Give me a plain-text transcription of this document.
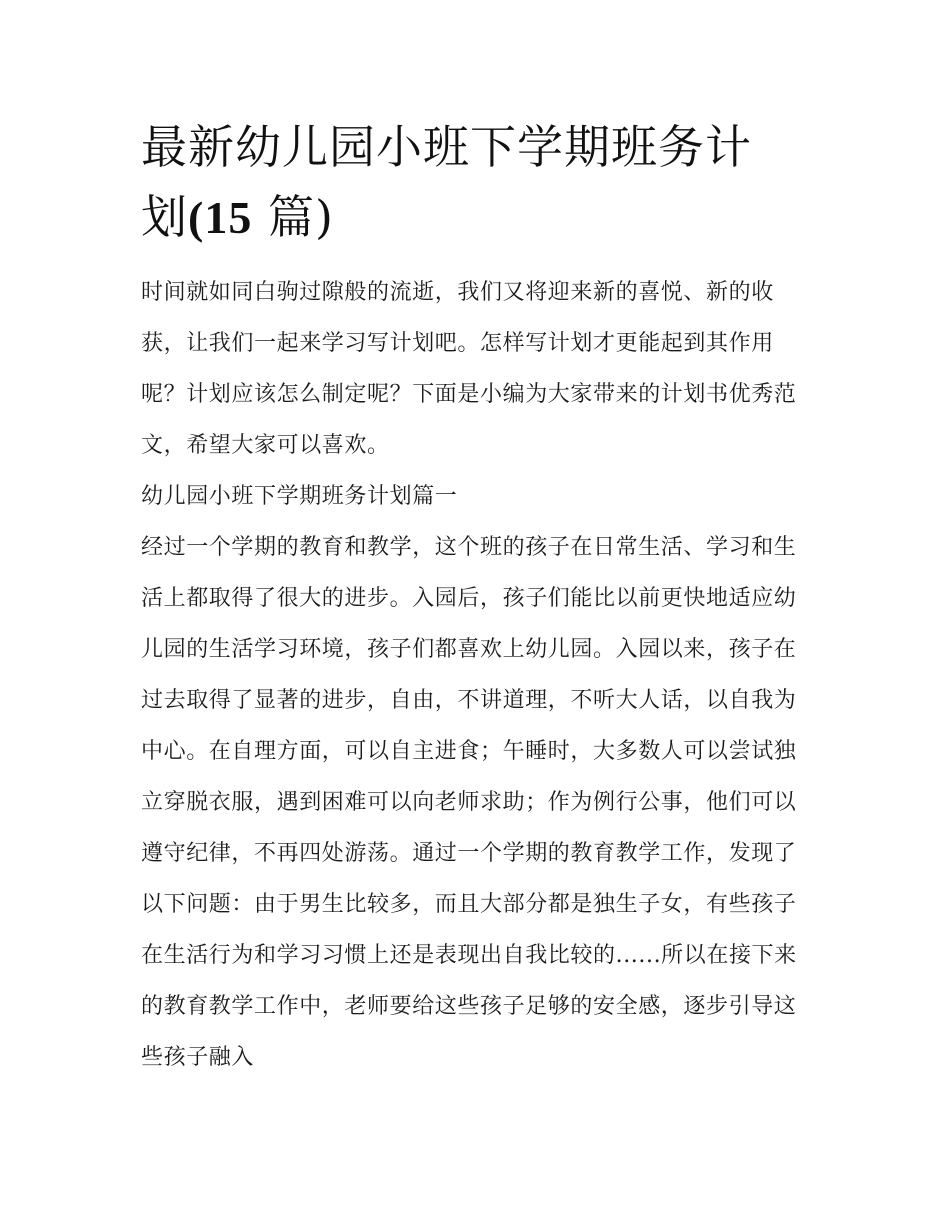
最新幼儿园小班下学期班务计
划(15 篇)

时间就如同白驹过隙般的流逝，我们又将迎来新的喜悦、新的收获，让我们一起来学习写计划吧。怎样写计划才更能起到其作用呢？计划应该怎么制定呢？下面是小编为大家带来的计划书优秀范文，希望大家可以喜欢。

幼儿园小班下学期班务计划篇一

经过一个学期的教育和教学，这个班的孩子在日常生活、学习和生活上都取得了很大的进步。入园后，孩子们能比以前更快地适应幼儿园的生活学习环境，孩子们都喜欢上幼儿园。入园以来，孩子在过去取得了显著的进步，自由，不讲道理，不听大人话，以自我为中心。在自理方面，可以自主进食；午睡时，大多数人可以尝试独立穿脱衣服，遇到困难可以向老师求助；作为例行公事，他们可以遵守纪律，不再四处游荡。通过一个学期的教育教学工作，发现了以下问题：由于男生比较多，而且大部分都是独生子女，有些孩子在生活行为和学习习惯上还是表现出自我比较的......所以在接下来的教育教学工作中，老师要给这些孩子足够的安全感，逐步引导这些孩子融入
